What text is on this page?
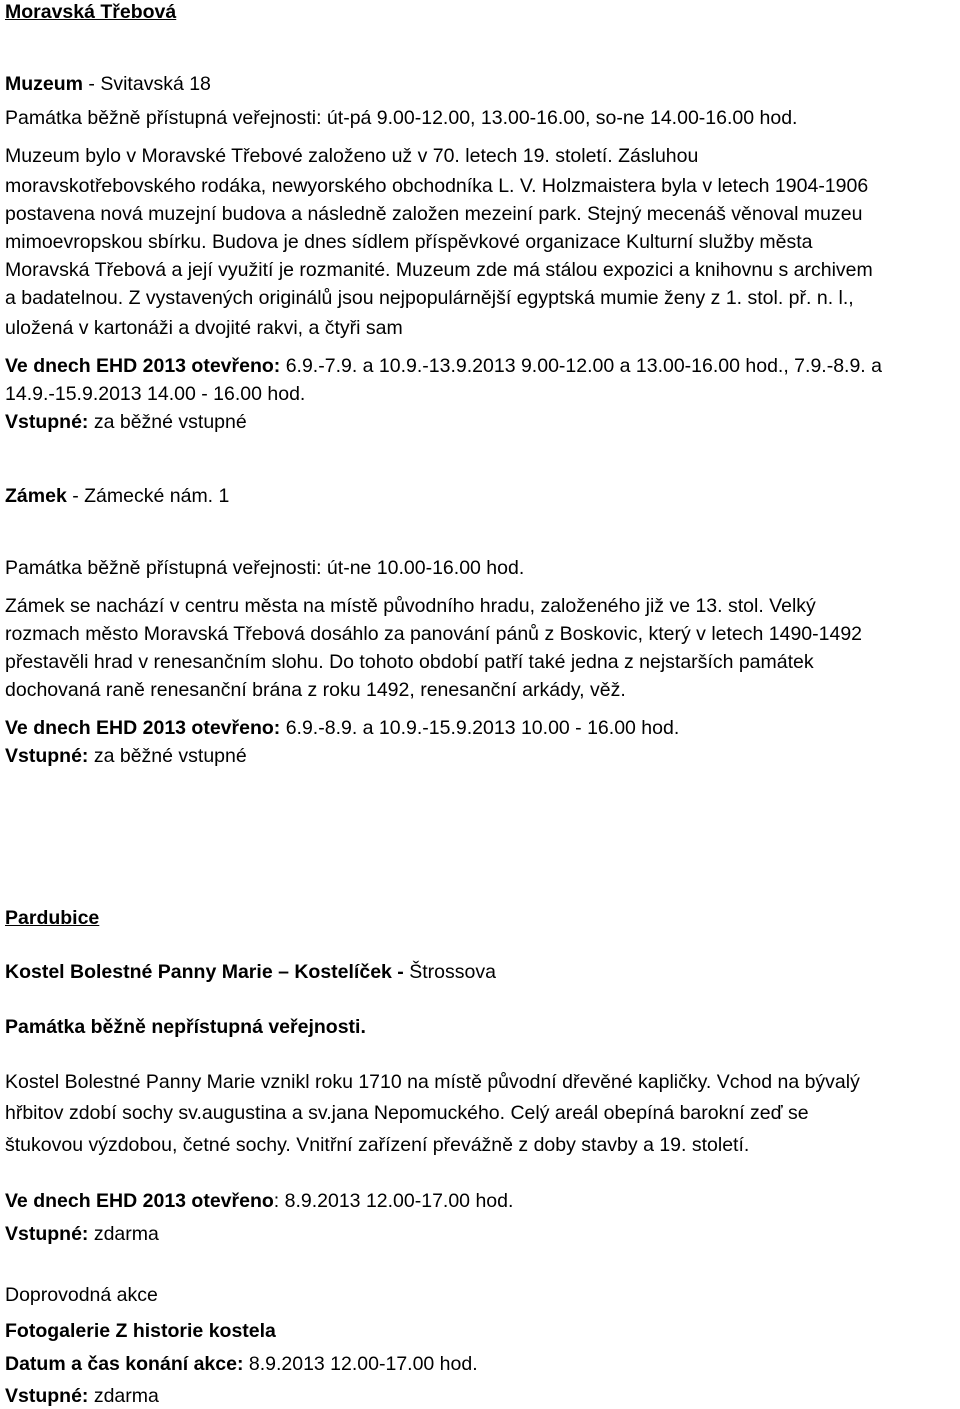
Moravská Třebová
Muzeum - Svitavská 18
Památka běžně přístupná veřejnosti: út-pá 9.00-12.00, 13.00-16.00, so-ne 14.00-16.00 hod.
Muzeum bylo v Moravské Třebové založeno už v 70. letech 19. století. Zásluhou
moravskotřebovského rodáka, newyorského obchodníka L. V. Holzmaistera byla v letech 1904-1906
postavena nová muzejní budova a následně založen mezeiní park. Stejný mecenáš věnoval muzeu
mimoevropskou sbírku. Budova je dnes sídlem příspěvkové organizace Kulturní služby města
Moravská Třebová a její využití je rozmanité. Muzeum zde má stálou expozici a knihovnu s archivem
a badatelnou. Z vystavených originálů jsou nejpopulárnější egyptská mumie ženy z 1. stol. př. n. l.,
uložená v kartonáži a dvojité rakvi, a čtyři sam
Ve dnech EHD 2013 otevřeno: 6.9.-7.9. a 10.9.-13.9.2013 9.00-12.00 a 13.00-16.00 hod., 7.9.-8.9. a
14.9.-15.9.2013 14.00 - 16.00 hod.
Vstupné: za běžné vstupné
Zámek - Zámecké nám. 1
Památka běžně přístupná veřejnosti: út-ne 10.00-16.00 hod.
Zámek se nachází v centru města na místě původního hradu, založeného již ve 13. stol. Velký
rozmach město Moravská Třebová dosáhlo za panování pánů z Boskovic, který v letech 1490-1492
přestavěli hrad v renesančním slohu. Do tohoto období patří také jedna z nejstarších památek
dochovaná raně renesanční brána z roku 1492, renesanční arkády, věž.
Ve dnech EHD 2013 otevřeno: 6.9.-8.9. a 10.9.-15.9.2013 10.00 - 16.00 hod.
Vstupné: za běžné vstupné
Pardubice
Kostel Bolestné Panny Marie – Kostelíček - Štrossova
Památka běžně nepřístupná veřejnosti.
Kostel Bolestné Panny Marie vznikl roku 1710 na místě původní dřevěné kapličky. Vchod na bývalý
hřbitov zdobí sochy sv.augustina a sv.jana Nepomuckého. Celý areál obepíná barokní zeď se
štukovou výzdobou, četné sochy. Vnitřní zařízení převážně z doby stavby a 19. století.
Ve dnech EHD 2013 otevřeno: 8.9.2013 12.00-17.00 hod.
Vstupné: zdarma
Doprovodná akce
Fotogalerie Z historie kostela
Datum a čas konání akce: 8.9.2013 12.00-17.00 hod.
Vstupné: zdarma
